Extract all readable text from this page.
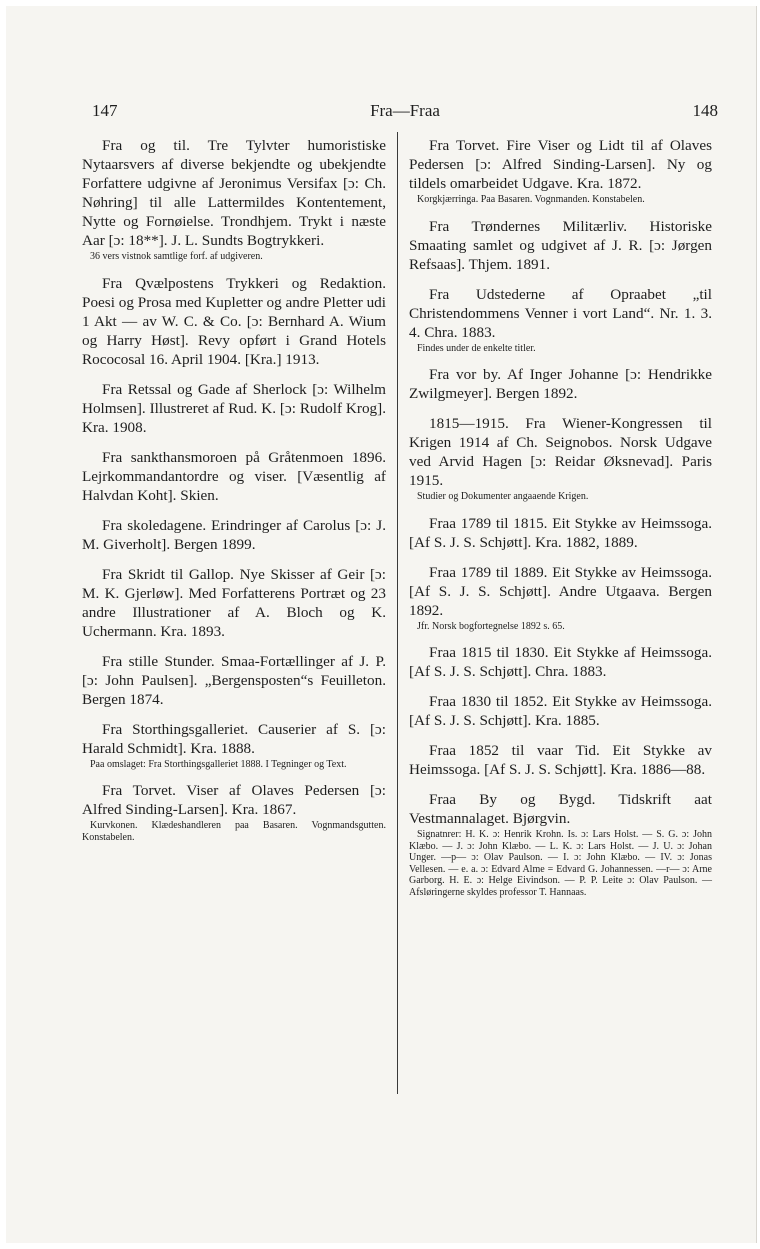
147	Fra—Fraa	148

Fra og til. Tre Tylvter humoristiske Nytaarsvers af diverse bekjendte og ubekjendte Forfattere udgivne af Jeronimus Versifax [ɔ: Ch. Nøhring] til alle Lattermildes Kontentement, Nytte og Fornøielse. Trondhjem. Trykt i næste Aar [ɔ: 18**]. J. L. Sundts Bogtrykkeri.

36 vers vistnok samtlige forf. af udgiveren.

Fra Qvælpostens Trykkeri og Redaktion. Poesi og Prosa med Kupletter og andre Pletter udi 1 Akt — av W. C. & Co. [ɔ: Bernhard A. Wium og Harry Høst]. Revy opført i Grand Hotels Rococosal 16. April 1904. [Kra.] 1913.

Fra Retssal og Gade af Sherlock [ɔ: Wilhelm Holmsen]. Illustreret af Rud. K. [ɔ: Rudolf Krog]. Kra. 1908.

Fra sankthansmoroen på Gråtenmoen 1896. Lejrkommandantordre og viser. [Væsentlig af Halvdan Koht]. Skien.

Fra skoledagene. Erindringer af Carolus [ɔ: J. M. Giverholt]. Bergen 1899.

Fra Skridt til Gallop. Nye Skisser af Geir [ɔ: M. K. Gjerløw]. Med Forfatterens Portræt og 23 andre Illustrationer af A. Bloch og K. Uchermann. Kra. 1893.

Fra stille Stunder. Smaa-Fortællinger af J. P. [ɔ: John Paulsen]. „Bergensposten“s Feuilleton. Bergen 1874.

Fra Storthingsgalleriet. Causerier af S. [ɔ: Harald Schmidt]. Kra. 1888.

Paa omslaget: Fra Storthingsgalleriet 1888. I Tegninger og Text.

Fra Torvet. Viser af Olaves Pedersen [ɔ: Alfred Sinding-Larsen]. Kra. 1867.

Kurvkonen. Klædeshandleren paa Basaren. Vognmandsgutten. Konstabelen.

Fra Torvet. Fire Viser og Lidt til af Olaves Pedersen [ɔ: Alfred Sinding-Larsen]. Ny og tildels omarbeidet Udgave. Kra. 1872.

Korgkjærringa. Paa Basaren. Vognmanden. Konstabelen.

Fra Trøndernes Militærliv. Historiske Smaating samlet og udgivet af J. R. [ɔ: Jørgen Refsaas]. Thjem. 1891.

Fra Udstederne af Opraabet „til Christendommens Venner i vort Land“. Nr. 1. 3. 4. Chra. 1883.

Findes under de enkelte titler.

Fra vor by. Af Inger Johanne [ɔ: Hendrikke Zwilgmeyer]. Bergen 1892.

1815—1915. Fra Wiener-Kongressen til Krigen 1914 af Ch. Seignobos. Norsk Udgave ved Arvid Hagen [ɔ: Reidar Øksnevad]. Paris 1915.

Studier og Dokumenter angaaende Krigen.

Fraa 1789 til 1815. Eit Stykke av Heimssoga. [Af S. J. S. Schjøtt]. Kra. 1882, 1889.

Fraa 1789 til 1889. Eit Stykke av Heimssoga. [Af S. J. S. Schjøtt]. Andre Utgaava. Bergen 1892.

Jfr. Norsk bogfortegnelse 1892 s. 65.

Fraa 1815 til 1830. Eit Stykke af Heimssoga. [Af S. J. S. Schjøtt]. Chra. 1883.

Fraa 1830 til 1852. Eit Stykke av Heimssoga. [Af S. J. S. Schjøtt]. Kra. 1885.

Fraa 1852 til vaar Tid. Eit Stykke av Heimssoga. [Af S. J. S. Schjøtt]. Kra. 1886—88.

Fraa By og Bygd. Tidskrift aat Vestmannalaget. Bjørgvin.

Signatnrer: H. K. ɔ: Henrik Krohn. Is. ɔ: Lars Holst. — S. G. ɔ: John Klæbo. — J. ɔ: John Klæbo. — L. K. ɔ: Lars Holst. — J. U. ɔ: Johan Unger. —p— ɔ: Olav Paulson. — I. ɔ: John Klæbo. — IV. ɔ: Jonas Vellesen. — e. a. ɔ: Edvard Alme = Edvard G. Johannessen. —r— ɔ: Arne Garborg. H. E. ɔ: Helge Eivindson. — P. P. Leite ɔ: Olav Paulson. — Afsløringerne skyldes professor T. Hannaas.
